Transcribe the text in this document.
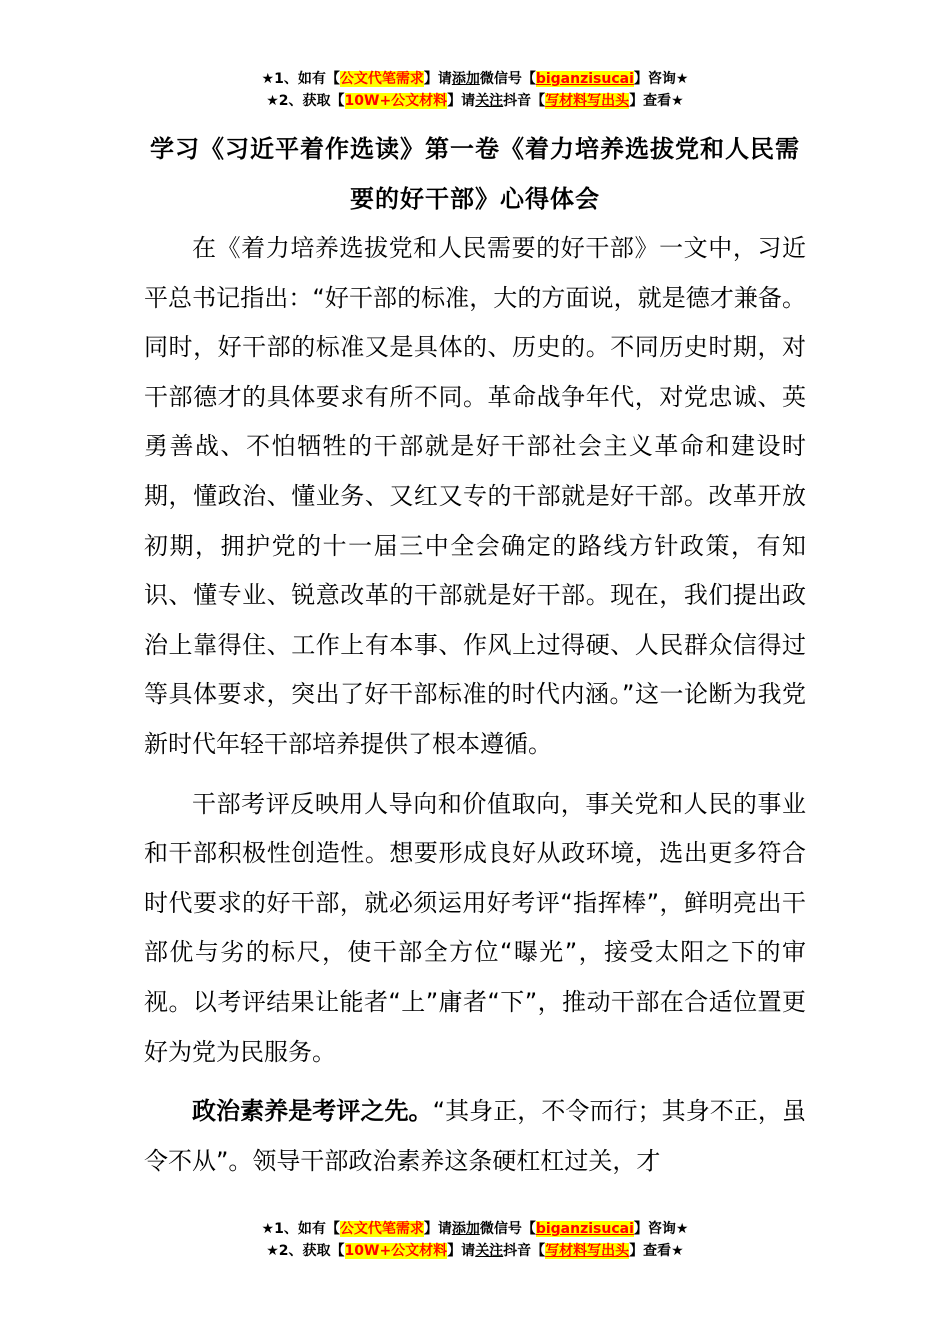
★1、如有【公文代笔需求】请添加微信号【biganzisucai】咨询★
★2、获取【10W+公文材料】请关注抖音【写材料写出头】查看★
学习《习近平着作选读》第一卷《着力培养选拔党和人民需要的好干部》心得体会

在《着力培养选拔党和人民需要的好干部》一文中，习近平总书记指出：“好干部的标准，大的方面说，就是德才兼备。同时，好干部的标准又是具体的、历史的。不同历史时期，对干部德才的具体要求有所不同。革命战争年代，对党忠诚、英勇善战、不怕牺牲的干部就是好干部社会主义革命和建设时期，懂政治、懂业务、又红又专的干部就是好干部。改革开放初期，拥护党的十一届三中全会确定的路线方针政策，有知识、懂专业、锐意改革的干部就是好干部。现在，我们提出政治上靠得住、工作上有本事、作风上过得硬、人民群众信得过等具体要求，突出了好干部标准的时代内涵。”这一论断为我党新时代年轻干部培养提供了根本遵循。

干部考评反映用人导向和价值取向，事关党和人民的事业和干部积极性创造性。想要形成良好从政环境，选出更多符合时代要求的好干部，就必须运用好考评“指挥棒”，鲜明亮出干部优与劣的标尺，使干部全方位“曝光”，接受太阳之下的审视。以考评结果让能者“上”庸者“下”，推动干部在合适位置更好为党为民服务。

政治素养是考评之先。“其身正，不令而行；其身不正，虽令不从”。领导干部政治素养这条硬杠杠过关，才

★1、如有【公文代笔需求】请添加微信号【biganzisucai】咨询★
★2、获取【10W+公文材料】请关注抖音【写材料写出头】查看★
